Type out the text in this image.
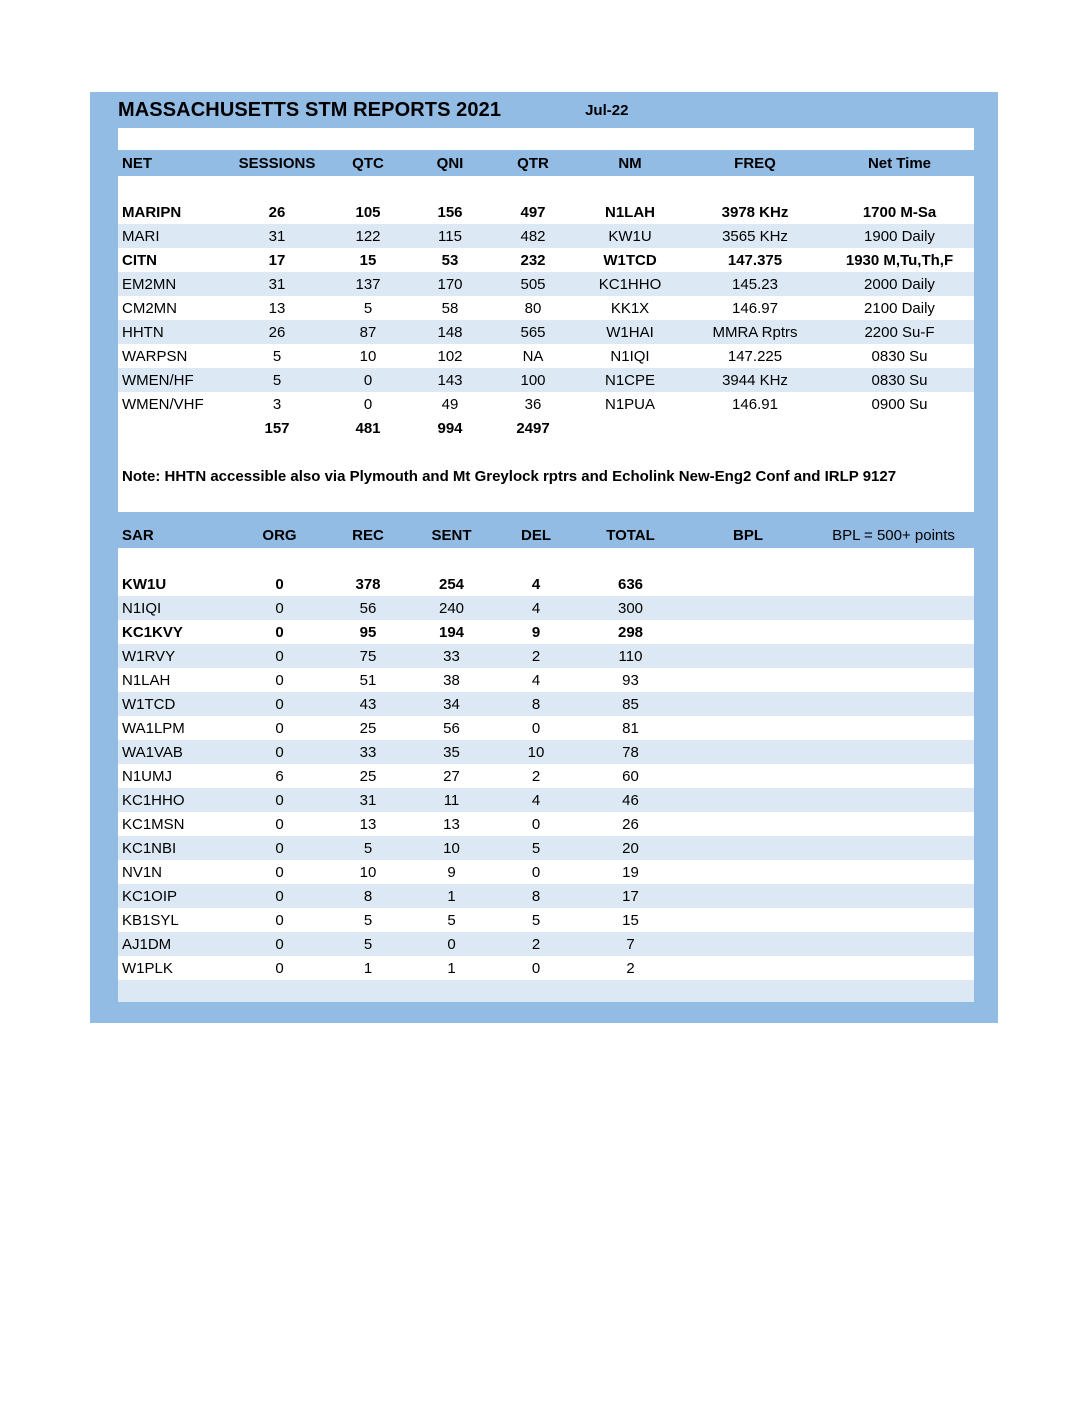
MASSACHUSETTS STM REPORTS 2021	Jul-22

NET	SESSIONS	QTC	QNI	QTR	NM	FREQ	Net Time

MARIPN	26	105	156	497	N1LAH	3978 KHz	1700 M-Sa
MARI	31	122	115	482	KW1U	3565 KHz	1900 Daily
CITN	17	15	53	232	W1TCD	147.375	1930 M,Tu,Th,F
EM2MN	31	137	170	505	KC1HHO	145.23	2000 Daily
CM2MN	13	5	58	80	KK1X	146.97	2100 Daily
HHTN	26	87	148	565	W1HAI	MMRA Rptrs	2200 Su-F
WARPSN	5	10	102	NA	N1IQI	147.225	0830 Su
WMEN/HF	5	0	143	100	N1CPE	3944 KHz	0830 Su
WMEN/VHF	3	0	49	36	N1PUA	146.91	0900 Su
	157	481	994	2497			

Note: HHTN accessible also via Plymouth and Mt Greylock rptrs and Echolink New-Eng2 Conf and IRLP 9127							

SAR	ORG	REC	SENT	DEL	TOTAL	BPL	BPL = 500+ points

KW1U	0	378	254	4	636		
N1IQI	0	56	240	4	300		
KC1KVY	0	95	194	9	298		
W1RVY	0	75	33	2	110		
N1LAH	0	51	38	4	93		
W1TCD	0	43	34	8	85		
WA1LPM	0	25	56	0	81		
WA1VAB	0	33	35	10	78		
N1UMJ	6	25	27	2	60		
KC1HHO	0	31	11	4	46		
KC1MSN	0	13	13	0	26		
KC1NBI	0	5	10	5	20		
NV1N	0	10	9	0	19		
KC1OIP	0	8	1	8	17		
KB1SYL	0	5	5	5	15		
AJ1DM	0	5	0	2	7		
W1PLK	0	1	1	0	2		
